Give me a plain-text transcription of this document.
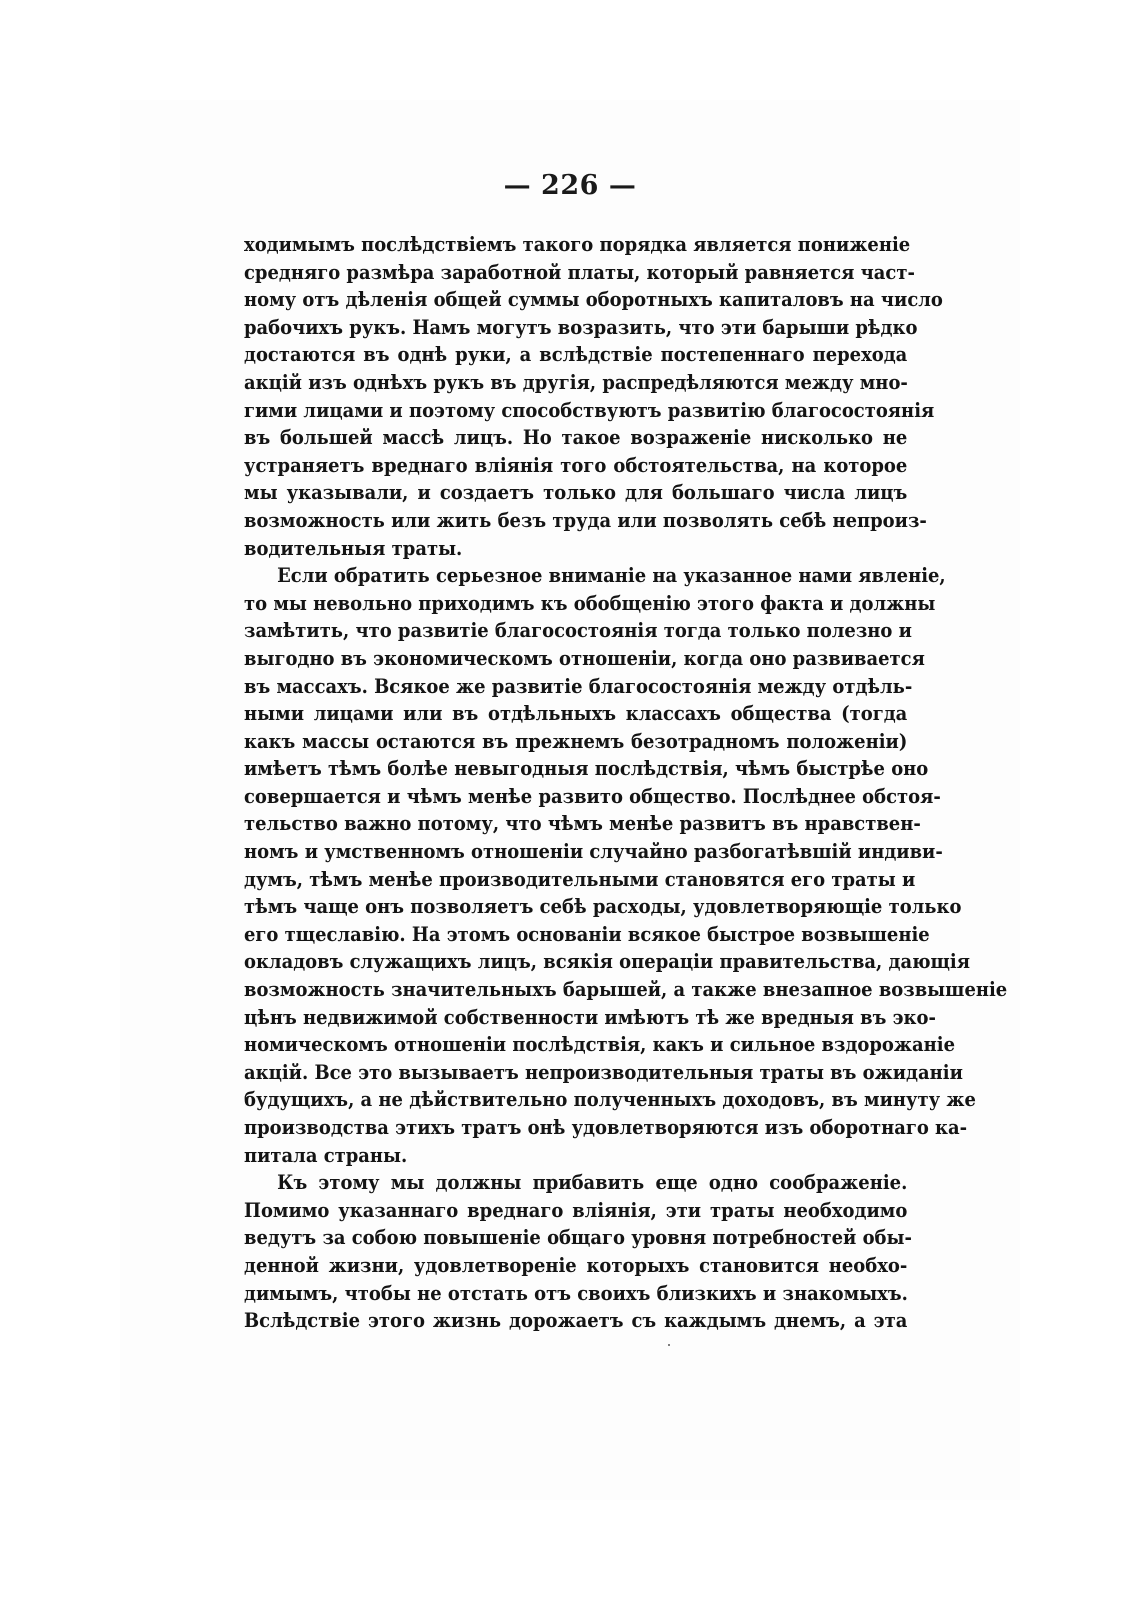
— 226 —
ходимымъ послѣдствіемъ такого порядка является пониженіе
средняго размѣра заработной платы, который равняется част-
ному отъ дѣленія общей суммы оборотныхъ капиталовъ на число
рабочихъ рукъ. Намъ могутъ возразить, что эти барыши рѣдко
достаются въ однѣ руки, а вслѣдствіе постепеннаго перехода
акцій изъ однѣхъ рукъ въ другія, распредѣляются между мно-
гими лицами и поэтому способствуютъ развитію благосостоянія
въ большей массѣ лицъ. Но такое возраженіе нисколько не
устраняетъ вреднаго вліянія того обстоятельства, на которое
мы указывали, и создаетъ только для большаго числа лицъ
возможность или жить безъ труда или позволять себѣ непроиз-
водительныя траты.
Если обратить серьезное вниманіе на указанное нами явленіе,
то мы невольно приходимъ къ обобщенію этого факта и должны
замѣтить, что развитіе благосостоянія тогда только полезно и
выгодно въ экономическомъ отношеніи, когда оно развивается
въ массахъ. Всякое же развитіе благосостоянія между отдѣль-
ными лицами или въ отдѣльныхъ классахъ общества (тогда
какъ массы остаются въ прежнемъ безотрадномъ положеніи)
имѣетъ тѣмъ болѣе невыгодныя послѣдствія, чѣмъ быстрѣе оно
совершается и чѣмъ менѣе развито общество. Послѣднее обстоя-
тельство важно потому, что чѣмъ менѣе развитъ въ нравствен-
номъ и умственномъ отношеніи случайно разбогатѣвшій индиви-
думъ, тѣмъ менѣе производительными становятся его траты и
тѣмъ чаще онъ позволяетъ себѣ расходы, удовлетворяющіе только
его тщеславію. На этомъ основаніи всякое быстрое возвышеніе
окладовъ служащихъ лицъ, всякія операціи правительства, дающія
возможность значительныхъ барышей, а также внезапное возвышеніе
цѣнъ недвижимой собственности имѣютъ тѣ же вредныя въ эко-
номическомъ отношеніи послѣдствія, какъ и сильное вздорожаніе
акцій. Все это вызываетъ непроизводительныя траты въ ожиданіи
будущихъ, а не дѣйствительно полученныхъ доходовъ, въ минуту же
производства этихъ тратъ онѣ удовлетворяются изъ оборотнаго ка-
питала страны.
Къ этому мы должны прибавить еще одно соображеніе.
Помимо указаннаго вреднаго вліянія, эти траты необходимо
ведутъ за собою повышеніе общаго уровня потребностей обы-
денной жизни, удовлетвореніе которыхъ становится необхо-
димымъ, чтобы не отстать отъ своихъ близкихъ и знакомыхъ.
Вслѣдствіе этого жизнь дорожаетъ съ каждымъ днемъ, а эта
